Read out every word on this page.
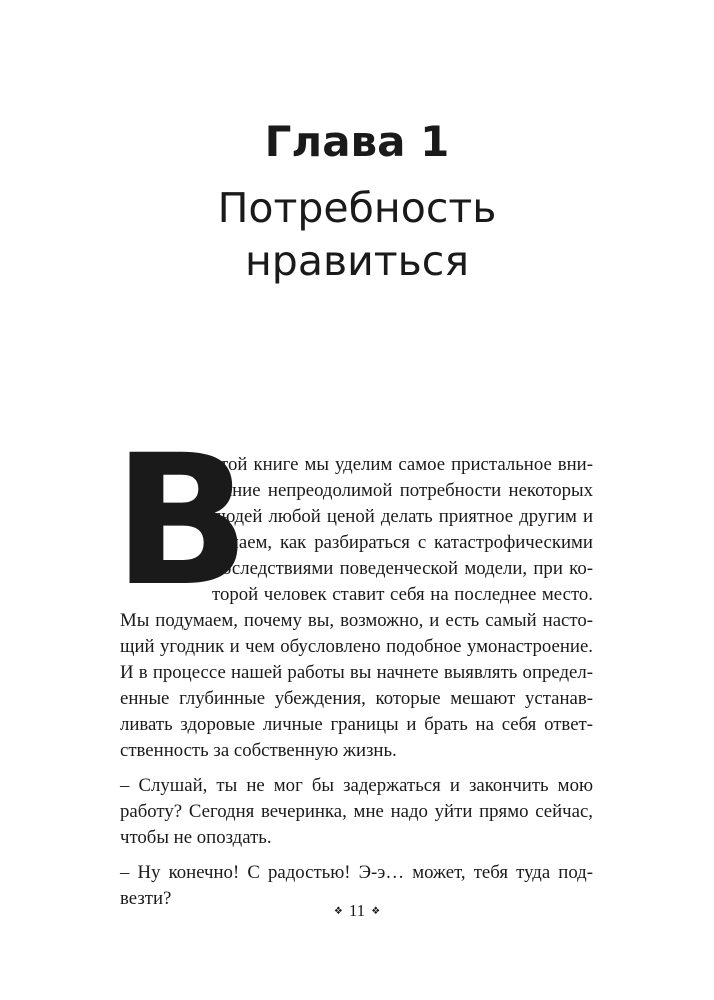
Глава 1
Потребность
нравиться
В
этой книге мы уделим самое пристальное вни-
мание непреодолимой потребности некоторых
людей любой ценой делать приятное другим и
узнаем, как разбираться с катастрофическими
последствиями поведенческой модели, при ко-
торой человек ставит себя на последнее место.
Мы подумаем, почему вы, возможно, и есть самый насто-
щий угодник и чем обусловлено подобное умонастроение.
И в процессе нашей работы вы начнете выявлять определ-
енные глубинные убеждения, которые мешают устанав-
ливать здоровые личные границы и брать на себя ответ-
ственность за собственную жизнь.
– Слушай, ты не мог бы задержаться и закончить мою
работу? Сегодня вечеринка, мне надо уйти прямо сейчас,
чтобы не опоздать.
– Ну конечно! С радостью! Э-э… может, тебя туда под-
везти?
❖ 11 ❖
